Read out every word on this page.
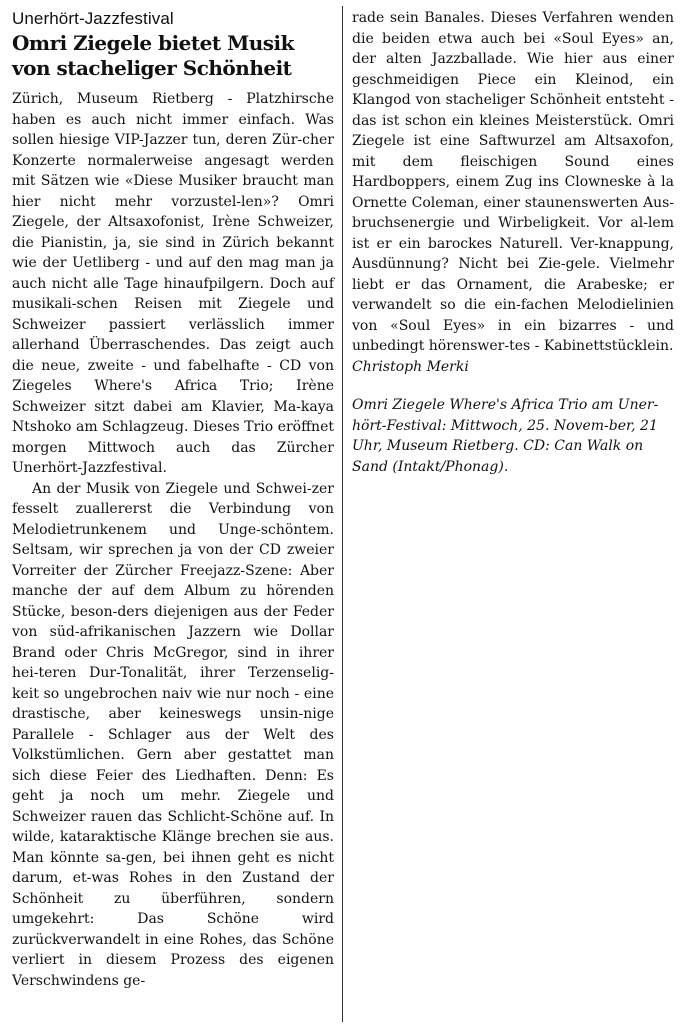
Unerhört-Jazzfestival

Omri Ziegele bietet Musik von stacheliger Schönheit

Zürich, Museum Rietberg - Platzhirsche haben es auch nicht immer einfach. Was sollen hiesige VIP-Jazzer tun, deren Zür-cher Konzerte normalerweise angesagt werden mit Sätzen wie «Diese Musiker braucht man hier nicht mehr vorzustel-len»? Omri Ziegele, der Altsaxofonist, Irène Schweizer, die Pianistin, ja, sie sind in Zürich bekannt wie der Uetliberg - und auf den mag man ja auch nicht alle Tage hinaufpilgern. Doch auf musikali-schen Reisen mit Ziegele und Schweizer passiert verlässlich immer allerhand Überraschendes. Das zeigt auch die neue, zweite - und fabelhafte - CD von Ziegeles Where's Africa Trio; Irène Schweizer sitzt dabei am Klavier, Ma-kaya Ntshoko am Schlagzeug. Dieses Trio eröffnet morgen Mittwoch auch das Zürcher Unerhört-Jazzfestival.

An der Musik von Ziegele und Schwei-zer fesselt zuallererst die Verbindung von Melodietrunkenem und Unge-schöntem. Seltsam, wir sprechen ja von der CD zweier Vorreiter der Zürcher Freejazz-Szene: Aber manche der auf dem Album zu hörenden Stücke, beson-ders diejenigen aus der Feder von süd-afrikanischen Jazzern wie Dollar Brand oder Chris McGregor, sind in ihrer hei-teren Dur-Tonalität, ihrer Terzenselig-keit so ungebrochen naiv wie nur noch - eine drastische, aber keineswegs unsin-nige Parallele - Schlager aus der Welt des Volkstümlichen. Gern aber gestattet man sich diese Feier des Liedhaften. Denn: Es geht ja noch um mehr. Ziegele und Schweizer rauen das Schlicht-Schöne auf. In wilde, kataraktische Klänge brechen sie aus. Man könnte sa-gen, bei ihnen geht es nicht darum, et-was Rohes in den Zustand der Schönheit zu überführen, sondern umgekehrt: Das Schöne wird zurückverwandelt in eine Rohes, das Schöne verliert in diesem Prozess des eigenen Verschwindens ge-

rade sein Banales. Dieses Verfahren wenden die beiden etwa auch bei «Soul Eyes» an, der alten Jazzballade. Wie hier aus einer geschmeidigen Piece ein Kleinod, ein Klangod von stacheliger Schönheit entsteht - das ist schon ein kleines Meisterstück. Omri Ziegele ist eine Saftwurzel am Altsaxofon, mit dem fleischigen Sound eines Hardboppers, einem Zug ins Clowneske à la Ornette Coleman, einer staunenswerten Aus-bruchsenergie und Wirbeligkeit. Vor al-lem ist er ein barockes Naturell. Ver-knappung, Ausdünnung? Nicht bei Zie-gele. Vielmehr liebt er das Ornament, die Arabeske; er verwandelt so die ein-fachen Melodielinien von «Soul Eyes» in ein bizarres - und unbedingt hörenswer-tes - Kabinettstücklein.

Christoph Merki

Omri Ziegele Where's Africa Trio am Uner-hört-Festival: Mittwoch, 25. Novem-ber, 21 Uhr, Museum Rietberg. CD: Can Walk on Sand (Intakt/Phonag).
